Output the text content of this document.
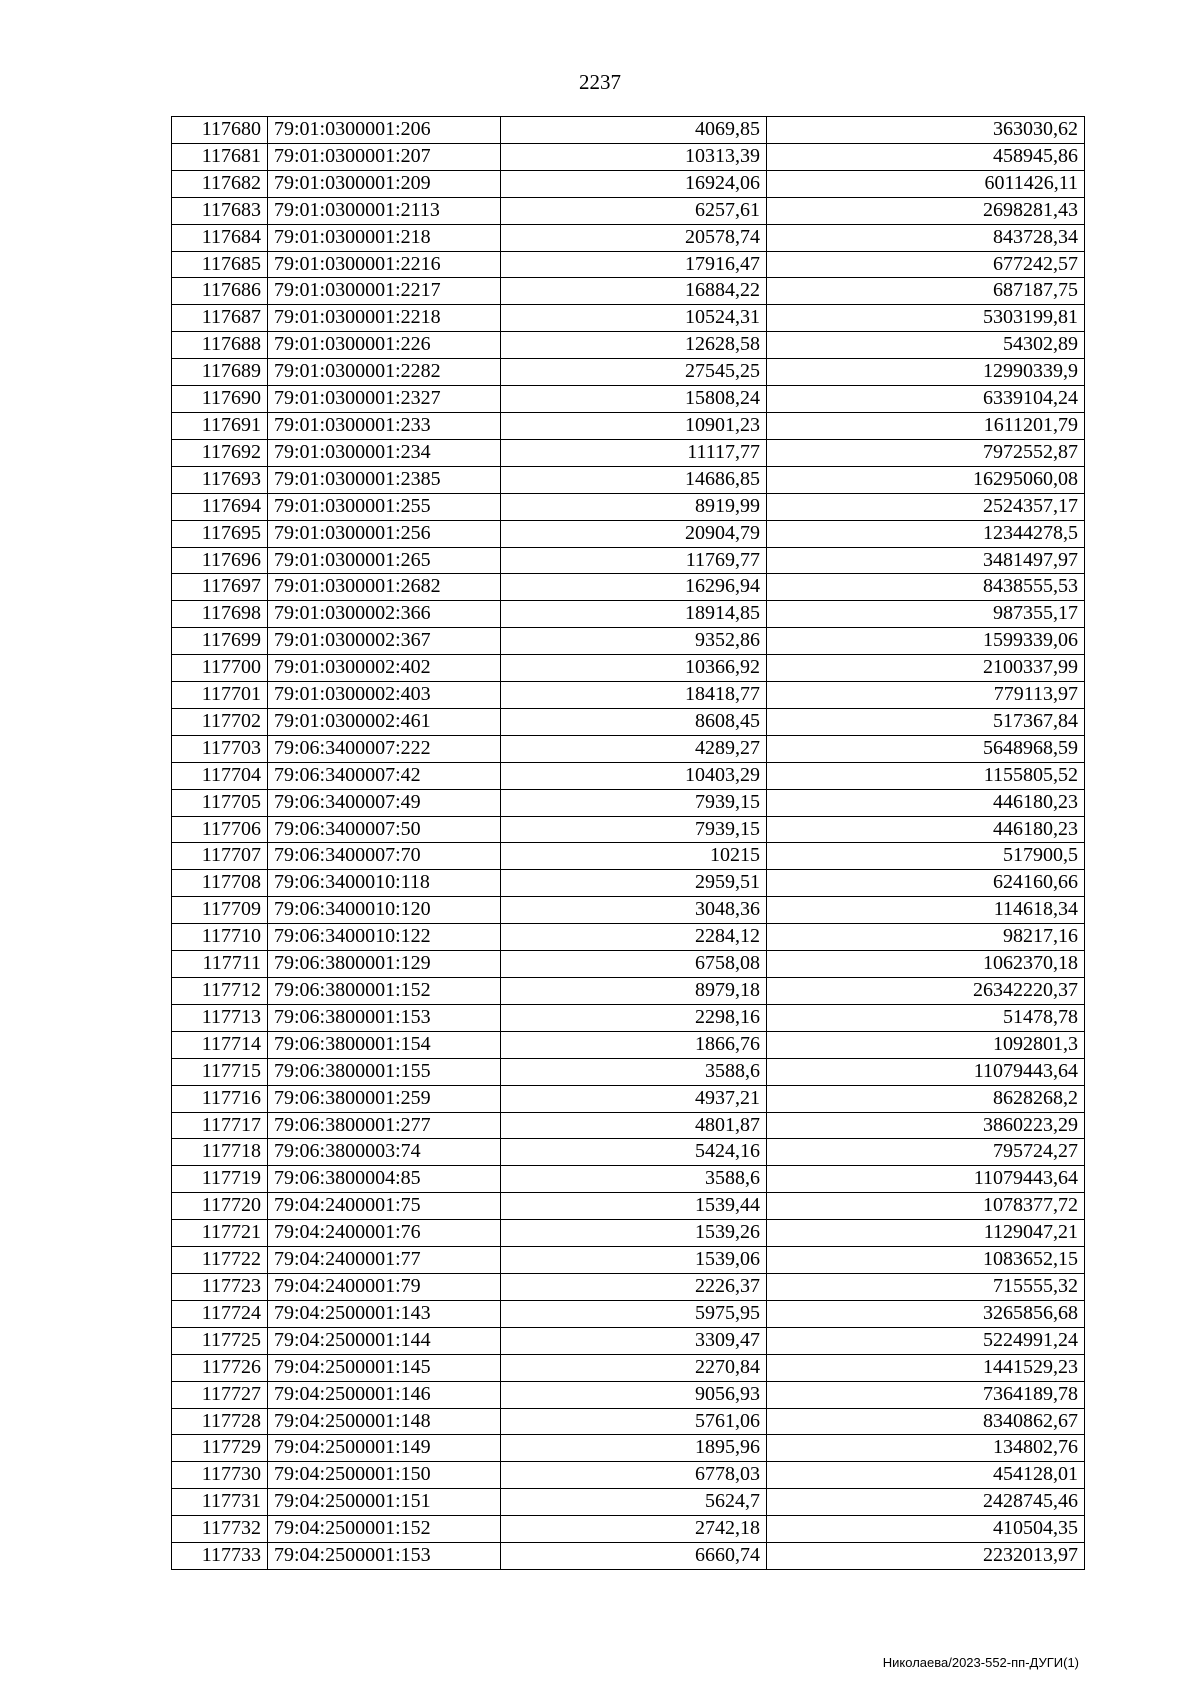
2237
117680	79:01:0300001:206	4069,85	363030,62
117681	79:01:0300001:207	10313,39	458945,86
117682	79:01:0300001:209	16924,06	6011426,11
117683	79:01:0300001:2113	6257,61	2698281,43
117684	79:01:0300001:218	20578,74	843728,34
117685	79:01:0300001:2216	17916,47	677242,57
117686	79:01:0300001:2217	16884,22	687187,75
117687	79:01:0300001:2218	10524,31	5303199,81
117688	79:01:0300001:226	12628,58	54302,89
117689	79:01:0300001:2282	27545,25	12990339,9
117690	79:01:0300001:2327	15808,24	6339104,24
117691	79:01:0300001:233	10901,23	1611201,79
117692	79:01:0300001:234	11117,77	7972552,87
117693	79:01:0300001:2385	14686,85	16295060,08
117694	79:01:0300001:255	8919,99	2524357,17
117695	79:01:0300001:256	20904,79	12344278,5
117696	79:01:0300001:265	11769,77	3481497,97
117697	79:01:0300001:2682	16296,94	8438555,53
117698	79:01:0300002:366	18914,85	987355,17
117699	79:01:0300002:367	9352,86	1599339,06
117700	79:01:0300002:402	10366,92	2100337,99
117701	79:01:0300002:403	18418,77	779113,97
117702	79:01:0300002:461	8608,45	517367,84
117703	79:06:3400007:222	4289,27	5648968,59
117704	79:06:3400007:42	10403,29	1155805,52
117705	79:06:3400007:49	7939,15	446180,23
117706	79:06:3400007:50	7939,15	446180,23
117707	79:06:3400007:70	10215	517900,5
117708	79:06:3400010:118	2959,51	624160,66
117709	79:06:3400010:120	3048,36	114618,34
117710	79:06:3400010:122	2284,12	98217,16
117711	79:06:3800001:129	6758,08	1062370,18
117712	79:06:3800001:152	8979,18	26342220,37
117713	79:06:3800001:153	2298,16	51478,78
117714	79:06:3800001:154	1866,76	1092801,3
117715	79:06:3800001:155	3588,6	11079443,64
117716	79:06:3800001:259	4937,21	8628268,2
117717	79:06:3800001:277	4801,87	3860223,29
117718	79:06:3800003:74	5424,16	795724,27
117719	79:06:3800004:85	3588,6	11079443,64
117720	79:04:2400001:75	1539,44	1078377,72
117721	79:04:2400001:76	1539,26	1129047,21
117722	79:04:2400001:77	1539,06	1083652,15
117723	79:04:2400001:79	2226,37	715555,32
117724	79:04:2500001:143	5975,95	3265856,68
117725	79:04:2500001:144	3309,47	5224991,24
117726	79:04:2500001:145	2270,84	1441529,23
117727	79:04:2500001:146	9056,93	7364189,78
117728	79:04:2500001:148	5761,06	8340862,67
117729	79:04:2500001:149	1895,96	134802,76
117730	79:04:2500001:150	6778,03	454128,01
117731	79:04:2500001:151	5624,7	2428745,46
117732	79:04:2500001:152	2742,18	410504,35
117733	79:04:2500001:153	6660,74	2232013,97
Николаева/2023-552-пп-ДУГИ(1)
